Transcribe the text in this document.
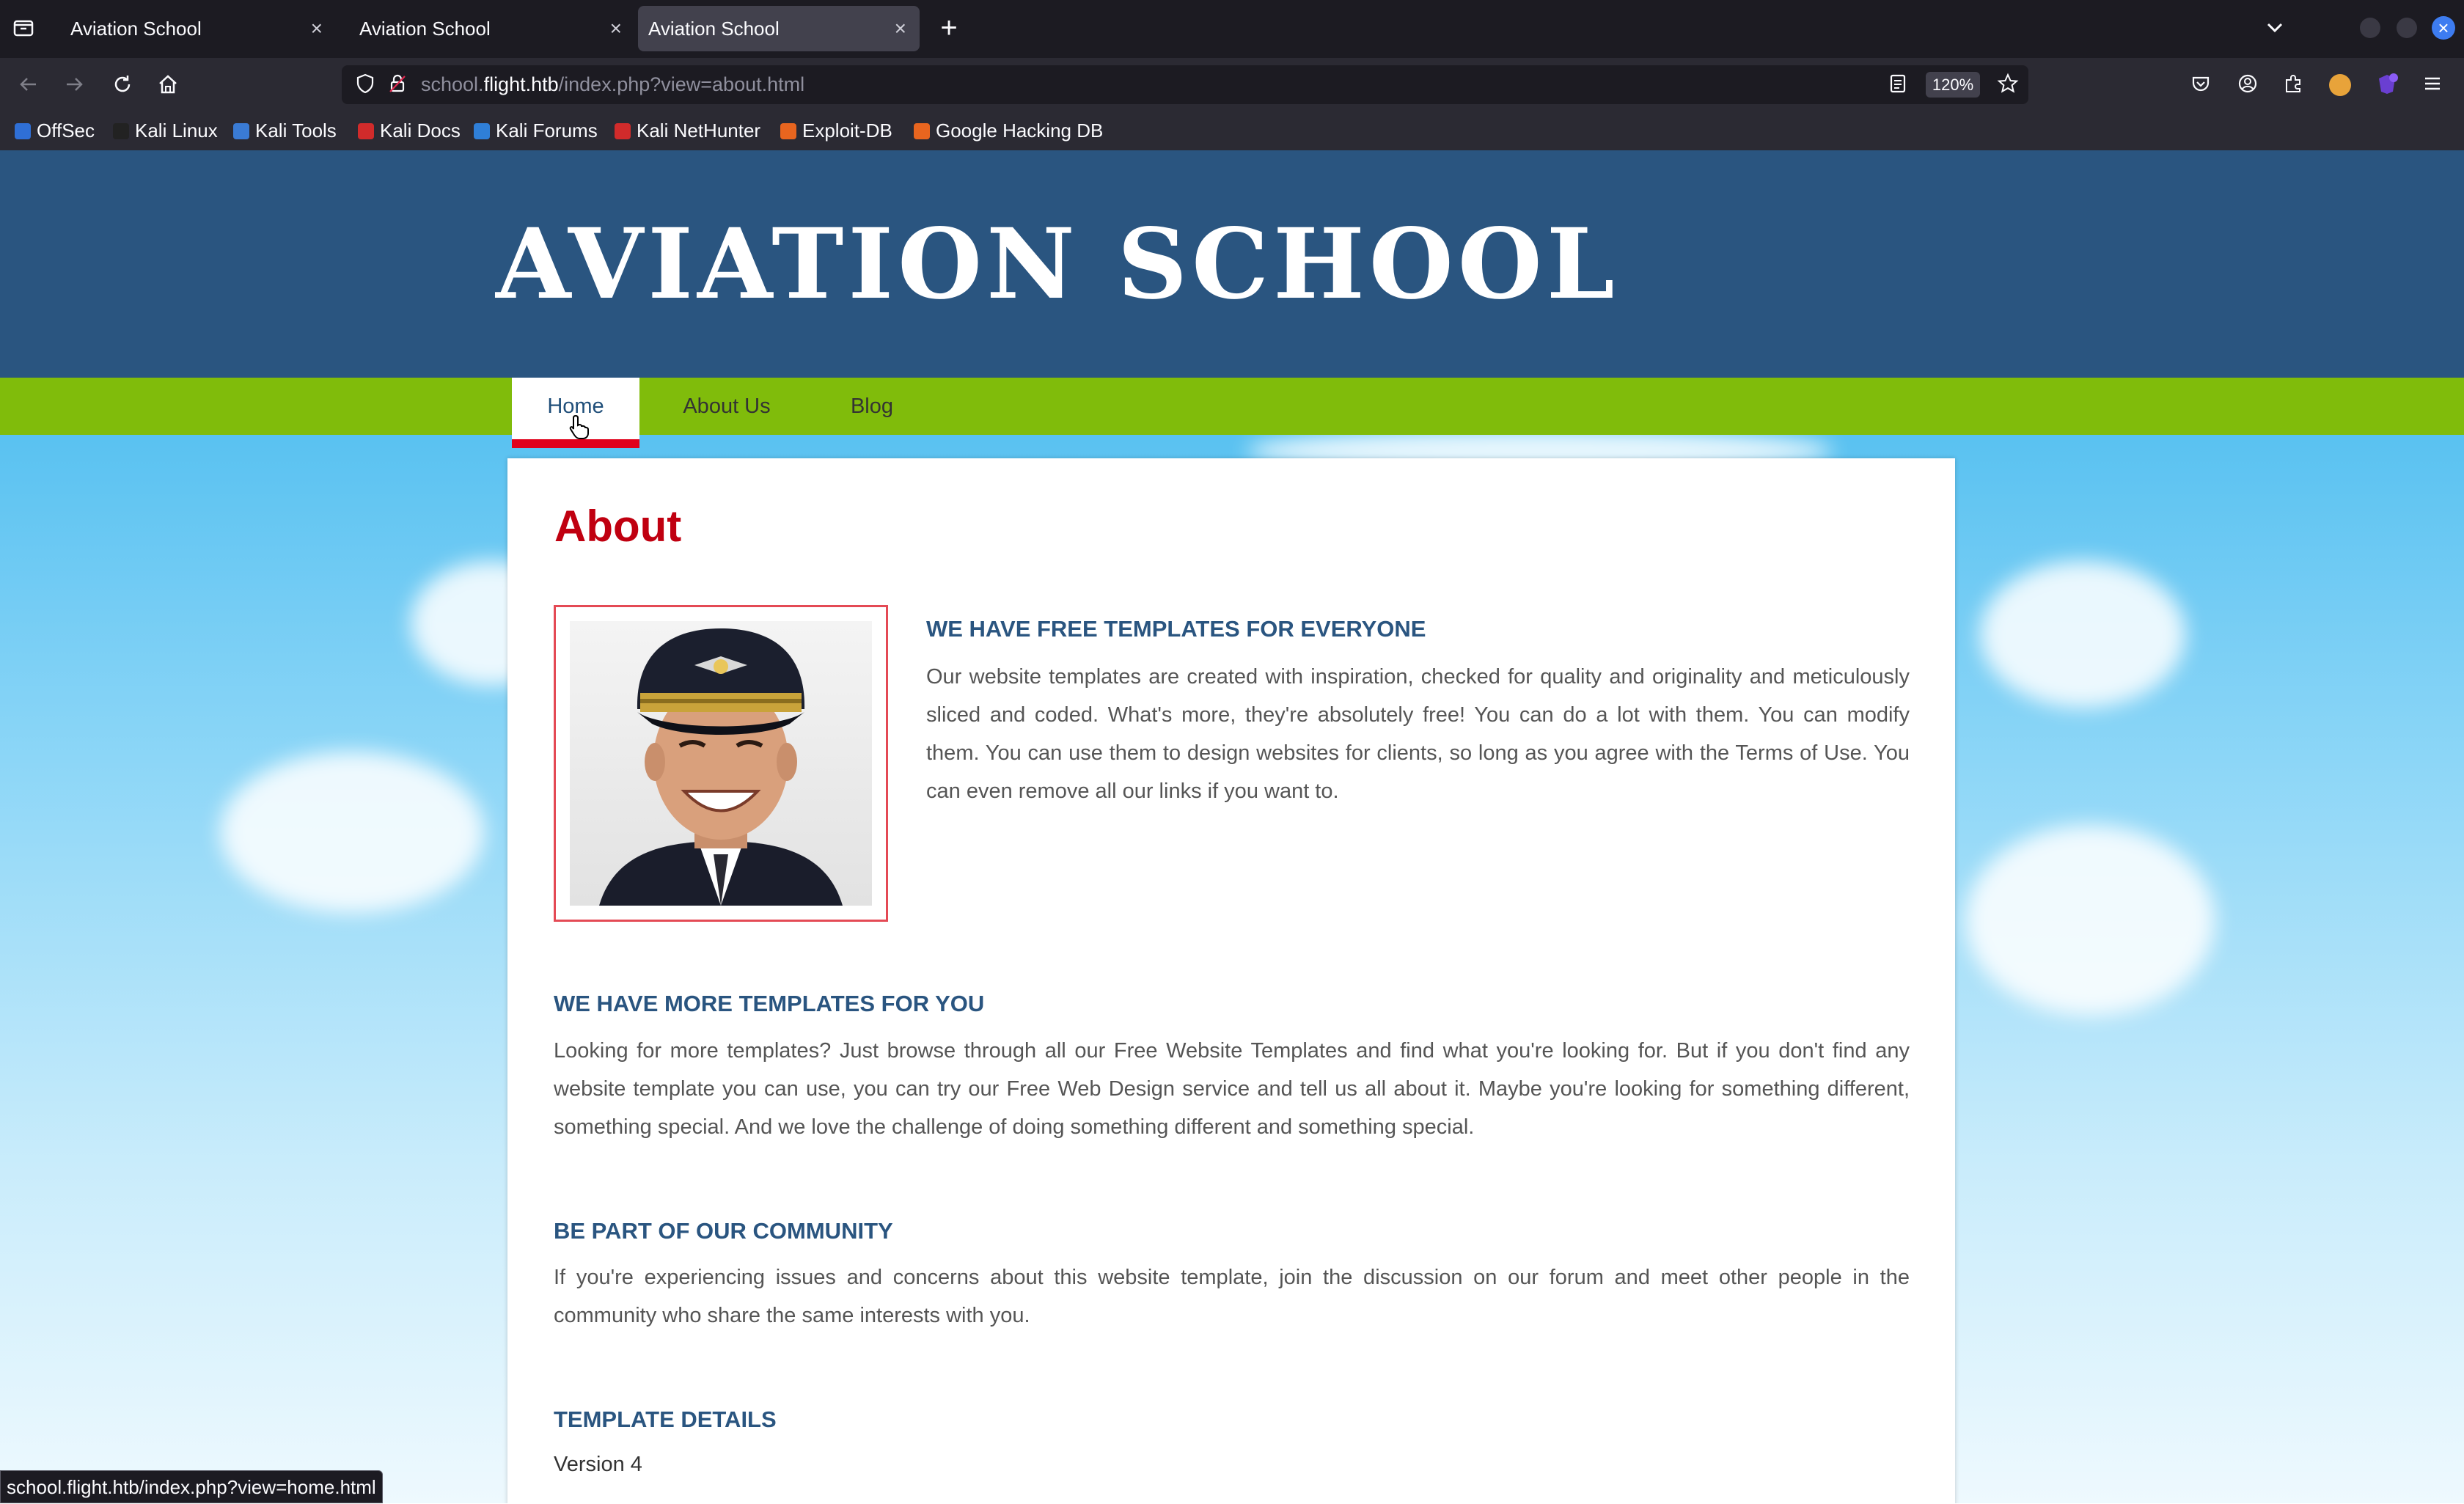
Aviation School	×	Aviation School	×	Aviation School	× +	×
school.flight.htb/index.php?view=about.html	120%
OffSec	Kali Linux	Kali Tools	Kali Docs	Kali Forums	Kali NetHunter	Exploit-DB	Google Hacking DB
AVIATION SCHOOL
Home	About Us	Blog
About
WE HAVE FREE TEMPLATES FOR EVERYONE
Our website templates are created with inspiration, checked for quality and originality and meticulously sliced and coded. What's more, they're absolutely free! You can do a lot with them. You can modify them. You can use them to design websites for clients, so long as you agree with the Terms of Use. You can even remove all our links if you want to.
WE HAVE MORE TEMPLATES FOR YOU
Looking for more templates? Just browse through all our Free Website Templates and find what you're looking for. But if you don't find any website template you can use, you can try our Free Web Design service and tell us all about it. Maybe you're looking for something different, something special. And we love the challenge of doing something different and something special.
BE PART OF OUR COMMUNITY
If you're experiencing issues and concerns about this website template, join the discussion on our forum and meet other people in the community who share the same interests with you.
TEMPLATE DETAILS
Version 4
school.flight.htb/index.php?view=home.html
